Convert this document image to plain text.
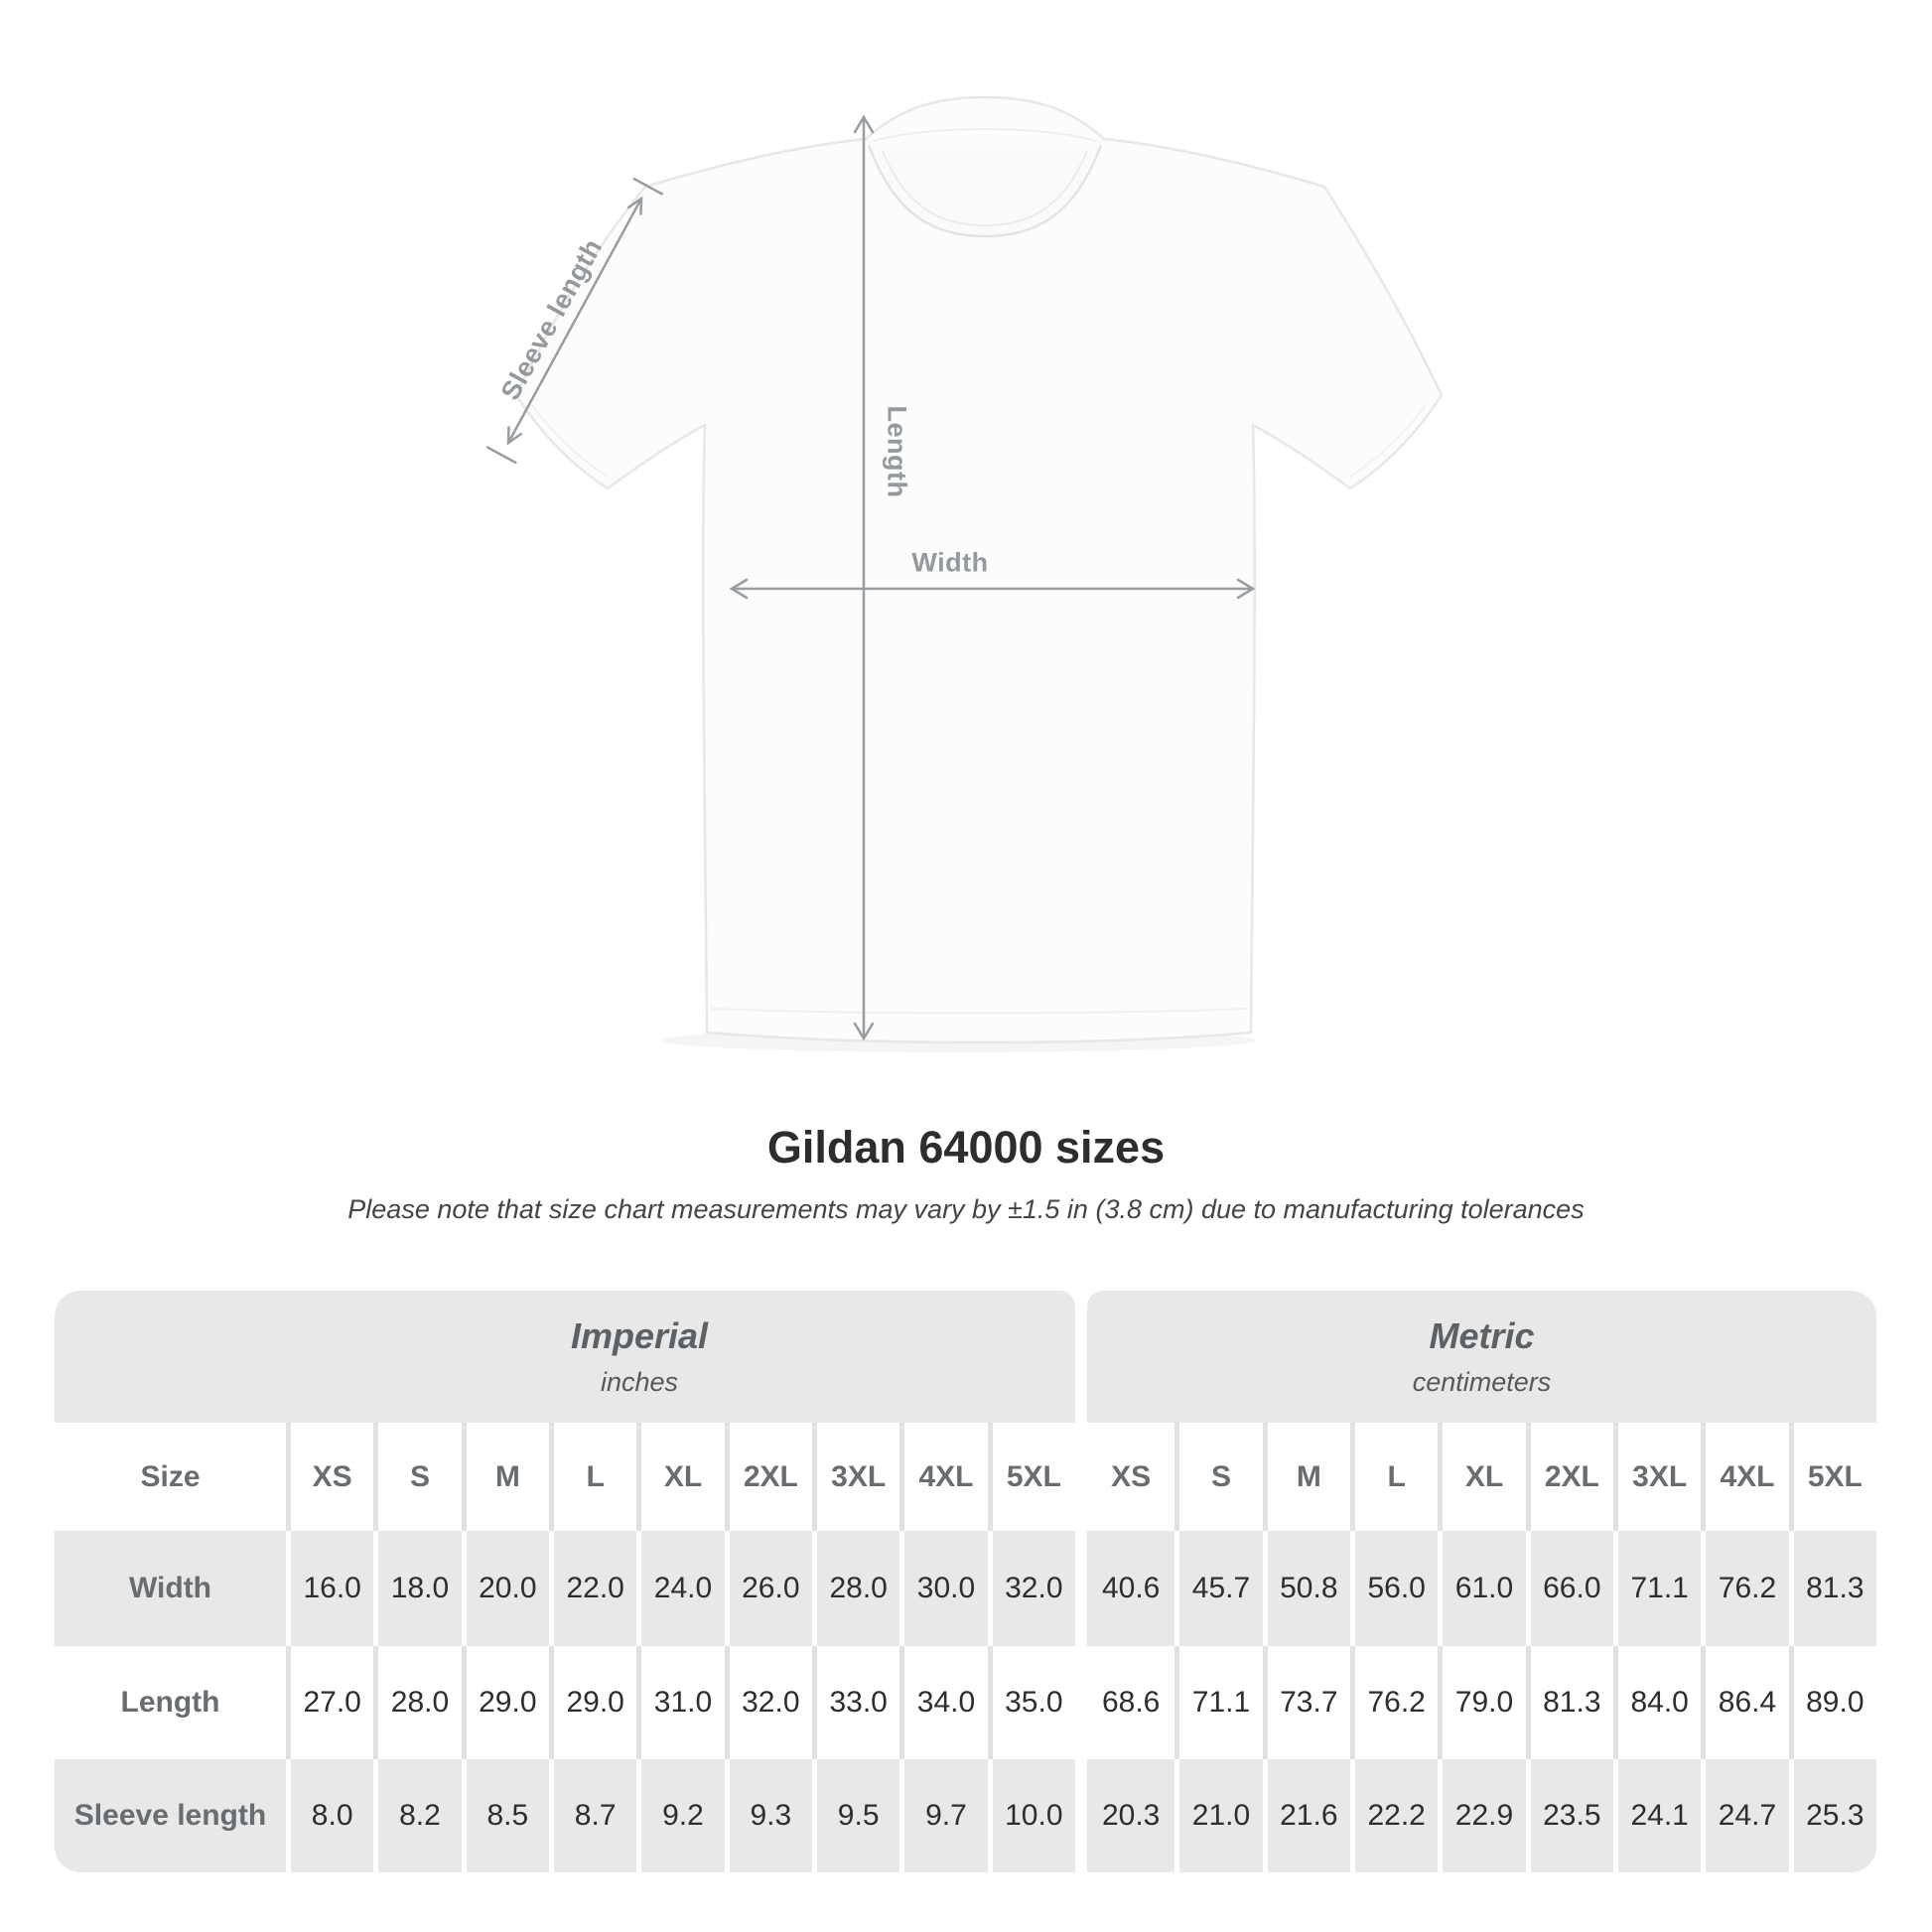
Sleeve length
Length
Width
Gildan 64000 sizes

Please note that size chart measurements may vary by ±1.5 in (3.8 cm) due to manufacturing tolerances

Imperial
inches
Metric
centimeters
Size	XS	S	M	L	XL	2XL	3XL	4XL	5XL	XS	S	M	L	XL	2XL	3XL	4XL	5XL
Width	16.0 18.0 20.0 22.0 24.0 26.0 28.0 30.0 32.0	40.6	45.7 50.8 56.0 61.0 66.0 71.1 76.2 81.3
Length	27.0 28.0 29.0 29.0 31.0 32.0 33.0 34.0 35.0	68.6	71.1 73.7 76.2 79.0 81.3 84.0 86.4 89.0
Sleeve length	8.0	8.2	8.5	8.7	9.2	9.3	9.5	9.7	10.0	20.3	21.0 21.6 22.2 22.9 23.5 24.1 24.7 25.3
